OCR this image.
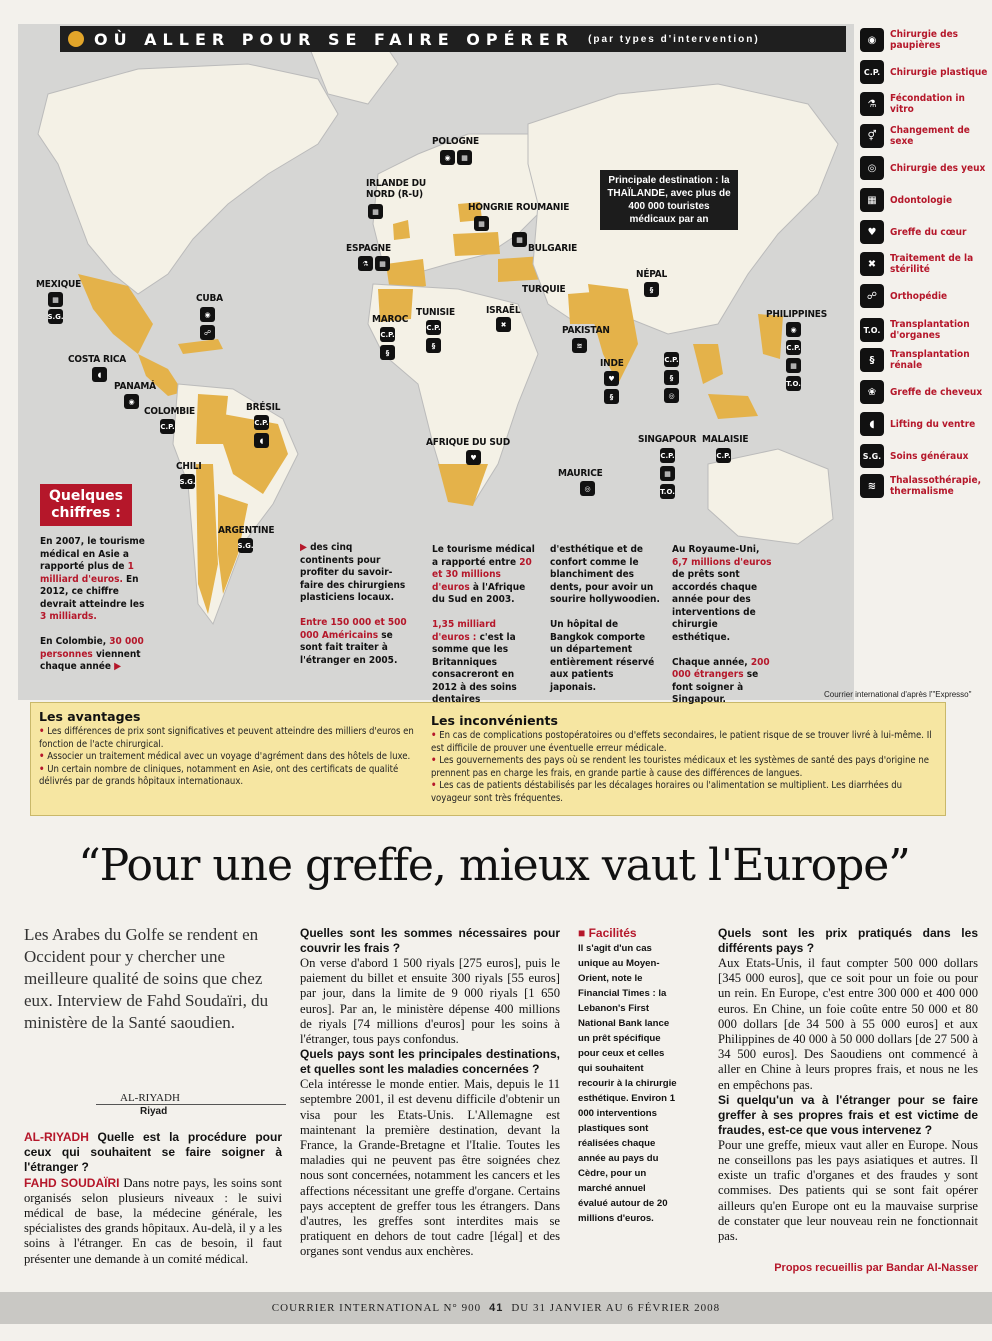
OÙ ALLER POUR SE FAIRE OPÉRER (par types d'intervention)
POLOGNE
◉	▦
IRLANDE DU NORD (R-U)
▦	HONGRIE ROUMANIE
▦
▦
BULGARIE
ESPAGNE
⚗	▦
MEXIQUE
▦
S.G.
CUBA
◉
☍
TURQUIE
NÉPAL
§
PHILIPPINES
◉
C.P.
▦
T.O.
MAROC
C.P.
§
TUNISIE
C.P.
§
ISRAËL
✖
PAKISTAN
≋
COSTA RICA
◖
INDE
♥
§
C.P.
§
◎
PANAMÁ
◉
COLOMBIE
C.P.
BRÉSIL
C.P.
◖	AFRIQUE DU SUD
♥
SINGAPOUR MALAISIE
C.P.
C.P.
▦
T.O.
MAURICE
◎
CHILI
S.G.
ARGENTINE
S.G.
Principale destination : la THAÏLANDE, avec plus de 400 000 touristes médicaux par an
Quelques chiffres :
En 2007, le tourisme médical en Asie a rapporté plus de 1 milliard d'euros. En 2012, ce chiffre devrait atteindre les 3 milliards.

En Colombie, 30 000 personnes viennent chaque année ▶
▶ des cinq continents pour profiter du savoir-faire des chirurgiens plasticiens locaux.

Entre 150 000 et 500 000 Américains se sont fait traiter à l'étranger en 2005.
Le tourisme médical a rapporté entre 20 et 30 millions d'euros à l'Afrique du Sud en 2003.

1,35 milliard d'euros : c'est la somme que les Britanniques consacreront en 2012 à des soins dentaires
d'esthétique et de confort comme le blanchiment des dents, pour avoir un sourire hollywoodien.

Un hôpital de Bangkok comporte un département entièrement réservé aux patients japonais.
Au Royaume-Uni, 6,7 millions d'euros de prêts sont accordés chaque année pour des interventions de chirurgie esthétique.

Chaque année, 200 000 étrangers se font soigner à Singapour.	Courrier international d'après l'"Expresso"
◉	Chirurgie des paupières
C.P. Chirurgie plastique
⚗	Fécondation in vitro
⚥	Changement de sexe
◎	Chirurgie des yeux
▦	Odontologie
♥	Greffe du cœur
✖	Traitement de la stérilité
☍	Orthopédie
T.O. Transplantation d'organes
§	Transplantation rénale
❀	Greffe de cheveux
◖	Lifting du ventre
S.G. Soins généraux
≋	Thalassothérapie, thermalisme
Les avantages
• Les différences de prix sont significatives et peuvent atteindre des milliers d'euros en fonction de l'acte chirurgical.
• Associer un traitement médical avec un voyage d'agrément dans des hôtels de luxe.
• Un certain nombre de cliniques, notamment en Asie, ont des certificats de qualité délivrés par de grands hôpitaux internationaux.
Les inconvénients
• En cas de complications postopératoires ou d'effets secondaires, le patient risque de se trouver livré à lui-même. Il est difficile de prouver une éventuelle erreur médicale.
• Les gouvernements des pays où se rendent les touristes médicaux et les systèmes de santé des pays d'origine ne prennent pas en charge les frais, en grande partie à cause des différences de langues.
• Les cas de patients déstabilisés par les décalages horaires ou l'alimentation se multiplient. Les diarrhées du voyageur sont très fréquentes.
“Pour une greffe, mieux vaut l'Europe”
Les Arabes du Golfe se rendent en Occident pour y chercher une meilleure qualité de soins que chez eux. Interview de Fahd Soudaïri, du ministère de la Santé saoudien.
AL-RIYADH
Riyad
AL-RIYADH Quelle est la procédure pour ceux qui souhaitent se faire soigner à l'étranger ?
FAHD SOUDAÏRI Dans notre pays, les soins sont organisés selon plusieurs niveaux : le suivi médical de base, la médecine générale, les spécialistes des grands hôpitaux. Au-delà, il y a les soins à l'étranger. En cas de besoin, il faut présenter une demande à un comité médical.
Quelles sont les sommes nécessaires pour couvrir les frais ?
On verse d'abord 1 500 riyals [275 euros], puis le paiement du billet et ensuite 300 riyals [55 euros] par jour, dans la limite de 9 000 riyals [1 650 euros]. Par an, le ministère dépense 400 millions de riyals [74 millions d'euros] pour les soins à l'étranger, tous pays confondus.
Quels pays sont les principales destinations, et quelles sont les maladies concernées ?
Cela intéresse le monde entier. Mais, depuis le 11 septembre 2001, il est devenu difficile d'obtenir un visa pour les Etats-Unis. L'Allemagne est maintenant la première destination, devant la France, la Grande-Bretagne et l'Italie. Toutes les maladies qui ne peuvent pas être soignées chez nous sont concernées, notamment les cancers et les affections nécessitant une greffe d'organe. Certains pays acceptent de greffer tous les étrangers. Dans d'autres, les greffes sont interdites mais se pratiquent en dehors de tout cadre [légal] et des organes sont vendus aux enchères.
■ Facilités
Il s'agit d'un cas unique au Moyen-Orient, note le Financial Times : la Lebanon's First National Bank lance un prêt spécifique pour ceux et celles qui souhaitent recourir à la chirurgie esthétique. Environ 1 000 interventions plastiques sont réalisées chaque année au pays du Cèdre, pour un marché annuel évalué autour de 20 millions d'euros.
Quels sont les prix pratiqués dans les différents pays ?
Aux Etats-Unis, il faut compter 500 000 dollars [345 000 euros], que ce soit pour un foie ou pour un rein. En Europe, c'est entre 300 000 et 400 000 euros. En Chine, un foie coûte entre 50 000 et 80 000 dollars [de 34 500 à 55 000 euros] et aux Philippines de 40 000 à 50 000 dollars [de 27 500 à 34 500 euros]. Des Saoudiens ont commencé à aller en Chine à leurs propres frais, et nous ne les en empêchons pas.
Si quelqu'un va à l'étranger pour se faire greffer à ses propres frais et est victime de fraudes, est-ce que vous intervenez ?
Pour une greffe, mieux vaut aller en Europe. Nous ne conseillons pas les pays asiatiques et autres. Il existe un trafic d'organes et des fraudes y sont commises. Des patients qui se sont fait opérer ailleurs qu'en Europe ont eu la mauvaise surprise de constater que leur nouveau rein ne fonctionnait pas.
Propos recueillis par Bandar Al-Nasser
COURRIER INTERNATIONAL N° 900 41 DU 31 JANVIER AU 6 FÉVRIER 2008
